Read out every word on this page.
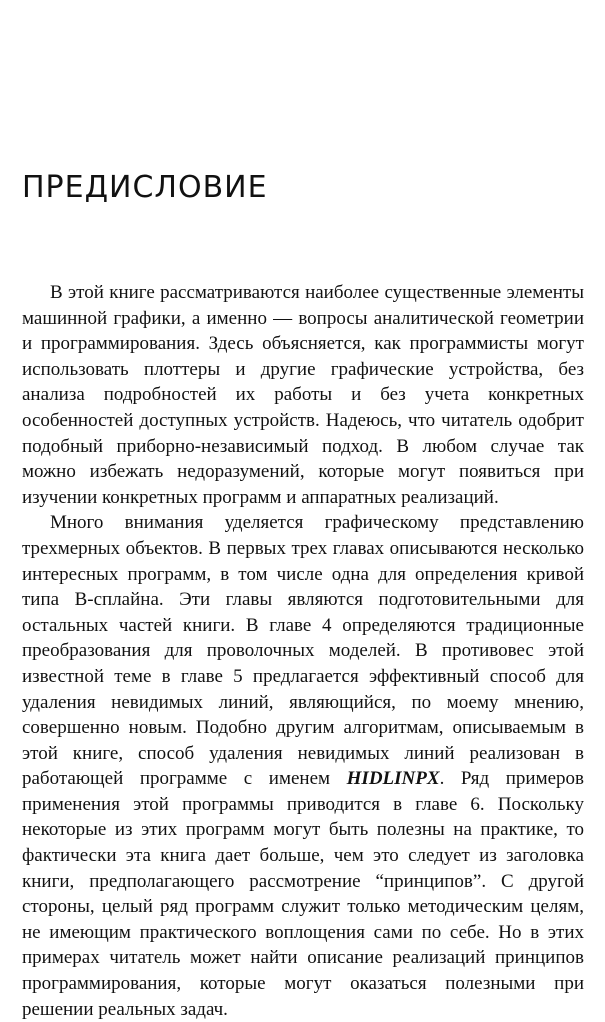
ПРЕДИСЛОВИЕ

В этой книге рассматриваются наиболее существенные элементы машинной графики, а именно — вопросы аналитической геометрии и программирования. Здесь объясняется, как программисты могут использовать плоттеры и другие графические устройства, без анализа подробностей их работы и без учета конкретных особенностей доступных устройств. Надеюсь, что читатель одобрит подобный приборно-независимый подход. В любом случае так можно избежать недоразумений, которые могут появиться при изучении конкретных программ и аппаратных реализаций.

Много внимания уделяется графическому представлению трехмерных объектов. В первых трех главах описываются несколько интересных программ, в том числе одна для определения кривой типа В-сплайна. Эти главы являются подготовительными для остальных частей книги. В главе 4 определяются традиционные преобразования для проволочных моделей. В противовес этой известной теме в главе 5 предлагается эффективный способ для удаления невидимых линий, являющийся, по моему мнению, совершенно новым. Подобно другим алгоритмам, описываемым в этой книге, способ удаления невидимых линий реализован в работающей программе с именем HIDLINPX. Ряд примеров применения этой программы приводится в главе 6. Поскольку некоторые из этих программ могут быть полезны на практике, то фактически эта книга дает больше, чем это следует из заголовка книги, предполагающего рассмотрение “принципов”. С другой стороны, целый ряд программ служит только методическим целям, не имеющим практического воплощения сами по себе. Но в этих примерах читатель может найти описание реализаций принципов программирования, которые могут оказаться полезными при решении реальных задач.
